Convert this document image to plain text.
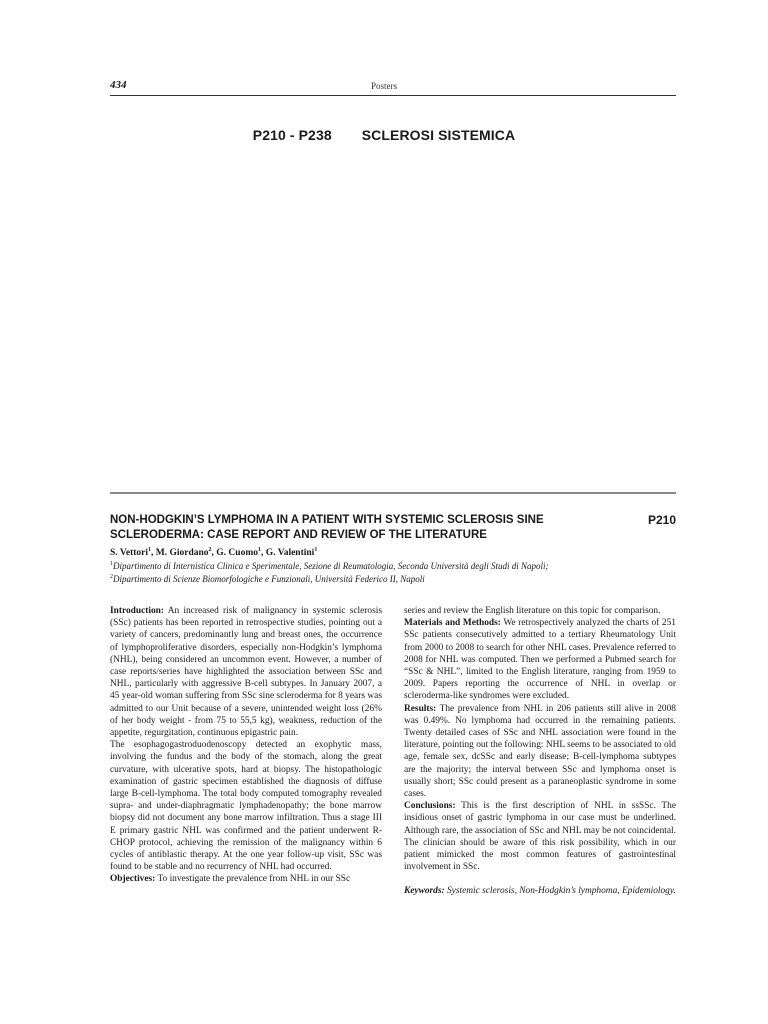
434	Posters
P210 - P238 SCLEROSI SISTEMICA
NON-HODGKIN’S LYMPHOMA IN A PATIENT WITH SYSTEMIC SCLEROSIS SINE SCLERODERMA: CASE REPORT AND REVIEW OF THE LITERATURE
P210
S. Vettori$^1$, M. Giordano$^2$, G. Cuomo$^1$, G. Valentini$^1$
$^1$Dipartimento di Internistica Clinica e Sperimentale, Sezione di Reumatologia, Seconda Università degli Studi di Napoli;
$^2$Dipartimento di Scienze Biomorfologiche e Funzionali, Università Federico II, Napoli

Introduction: An increased risk of malignancy in systemic sclerosis (SSc) patients has been reported in retrospective studies, pointing out a variety of cancers, predominantly lung and breast ones, the occurrence of lymphoproliferative disorders, especially non-Hodgkin’s lymphoma (NHL), being considered an uncommon event. However, a number of case reports/series have highlighted the association between SSc and NHL, particularly with aggressive B-cell subtypes. In January 2007, a 45 year-old woman suffering from SSc sine scleroderma for 8 years was admitted to our Unit because of a severe, unintended weight loss (26% of her body weight - from 75 to 55,5 kg), weakness, reduction of the appetite, regurgitation, continuous epigastric pain.

The esophagogastroduodenoscopy detected an exophytic mass, involving the fundus and the body of the stomach, along the great curvature, with ulcerative spots, hard at biopsy. The histopathologic examination of gastric specimen established the diagnosis of diffuse large B-cell-lymphoma. The total body computed tomography revealed supra- and under-diaphragmatic lymphadenopathy; the bone marrow biopsy did not document any bone marrow infiltration. Thus a stage III E primary gastric NHL was confirmed and the patient underwent R-CHOP protocol, achieving the remission of the malignancy within 6 cycles of antiblastic therapy. At the one year follow-up visit, SSc was found to be stable and no recurrency of NHL had occurred.

Objectives: To investigate the prevalence from NHL in our SSc

series and review the English literature on this topic for comparison.

Materials and Methods: We retrospectively analyzed the charts of 251 SSc patients consecutively admitted to a tertiary Rheumatology Unit from 2000 to 2008 to search for other NHL cases. Prevalence referred to 2008 for NHL was computed. Then we performed a Pubmed search for “SSc & NHL”, limited to the English literature, ranging from 1959 to 2009. Papers reporting the occurrence of NHL in overlap or scleroderma-like syndromes were excluded.

Results: The prevalence from NHL in 206 patients still alive in 2008 was 0.49%. No lymphoma had occurred in the remaining patients. Twenty detailed cases of SSc and NHL association were found in the literature, pointing out the following: NHL seems to be associated to old age, female sex, dcSSc and early disease; B-cell-lymphoma subtypes are the majority; the interval between SSc and lymphoma onset is usually short; SSc could present as a paraneoplastic syndrome in some cases.

Conclusions: This is the first description of NHL in ssSSc. The insidious onset of gastric lymphoma in our case must be underlined. Although rare, the association of SSc and NHL may be not coincidental. The clinician should be aware of this risk possibility, which in our patient mimicked the most common features of gastrointestinal involvement in SSc.

Keywords: Systemic sclerosis, Non-Hodgkin’s lymphoma, Epidemiology.
